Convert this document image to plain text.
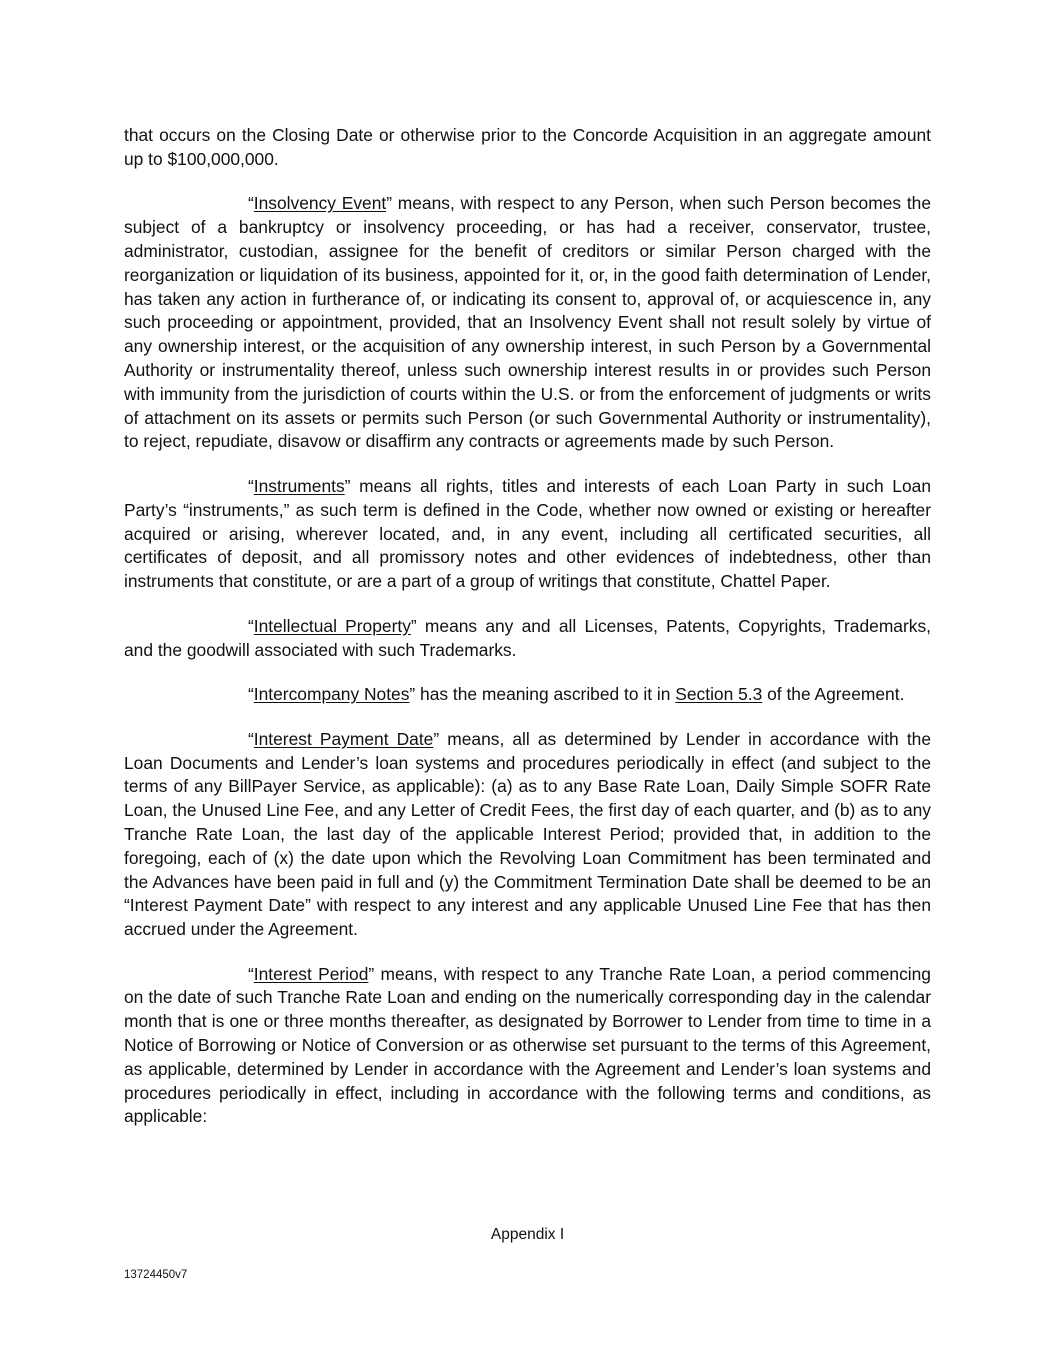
that occurs on the Closing Date or otherwise prior to the Concorde Acquisition in an aggregate amount up to $100,000,000.

“Insolvency Event” means, with respect to any Person, when such Person becomes the subject of a bankruptcy or insolvency proceeding, or has had a receiver, conservator, trustee, administrator, custodian, assignee for the benefit of creditors or similar Person charged with the reorganization or liquidation of its business, appointed for it, or, in the good faith determination of Lender, has taken any action in furtherance of, or indicating its consent to, approval of, or acquiescence in, any such proceeding or appointment, provided, that an Insolvency Event shall not result solely by virtue of any ownership interest, or the acquisition of any ownership interest, in such Person by a Governmental Authority or instrumentality thereof, unless such ownership interest results in or provides such Person with immunity from the jurisdiction of courts within the U.S. or from the enforcement of judgments or writs of attachment on its assets or permits such Person (or such Governmental Authority or instrumentality), to reject, repudiate, disavow or disaffirm any contracts or agreements made by such Person.

“Instruments” means all rights, titles and interests of each Loan Party in such Loan Party’s “instruments,” as such term is defined in the Code, whether now owned or existing or hereafter acquired or arising, wherever located, and, in any event, including all certificated securities, all certificates of deposit, and all promissory notes and other evidences of indebtedness, other than instruments that constitute, or are a part of a group of writings that constitute, Chattel Paper.

“Intellectual Property” means any and all Licenses, Patents, Copyrights, Trademarks, and the goodwill associated with such Trademarks.

“Intercompany Notes” has the meaning ascribed to it in Section 5.3 of the Agreement.

“Interest Payment Date” means, all as determined by Lender in accordance with the Loan Documents and Lender’s loan systems and procedures periodically in effect (and subject to the terms of any BillPayer Service, as applicable): (a) as to any Base Rate Loan, Daily Simple SOFR Rate Loan, the Unused Line Fee, and any Letter of Credit Fees, the first day of each quarter, and (b) as to any Tranche Rate Loan, the last day of the applicable Interest Period; provided that, in addition to the foregoing, each of (x) the date upon which the Revolving Loan Commitment has been terminated and the Advances have been paid in full and (y) the Commitment Termination Date shall be deemed to be an “Interest Payment Date” with respect to any interest and any applicable Unused Line Fee that has then accrued under the Agreement.

“Interest Period” means, with respect to any Tranche Rate Loan, a period commencing on the date of such Tranche Rate Loan and ending on the numerically corresponding day in the calendar month that is one or three months thereafter, as designated by Borrower to Lender from time to time in a Notice of Borrowing or Notice of Conversion or as otherwise set pursuant to the terms of this Agreement, as applicable, determined by Lender in accordance with the Agreement and Lender’s loan systems and procedures periodically in effect, including in accordance with the following terms and conditions, as applicable:

Appendix I
13724450v7
